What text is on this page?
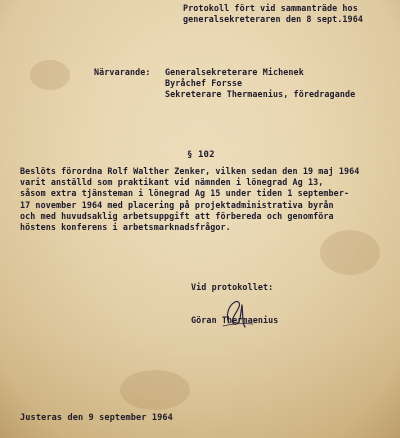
Protokoll fört vid sammanträde hos
generalsekreteraren den 8 sept.1964
Närvarande: Generalsekreterare Michenek
Byråchef Forsse
Sekreterare Thermaenius, föredragande
§ 102
Beslöts förordna Rolf Walther Zenker, vilken sedan den 19 maj 1964
varit anställd som praktikant vid nämnden i lönegrad Ag 13,
såsom extra tjänsteman i lönegrad Ag 15 under tiden 1 september-
17 november 1964 med placering på projektadministrativa byrån
och med huvudsaklig arbetsuppgift att förbereda och genomföra
höstens konferens i arbetsmarknadsfrågor.
Vid protokollet:
Göran Thermaenius
Justeras den 9 september 1964
